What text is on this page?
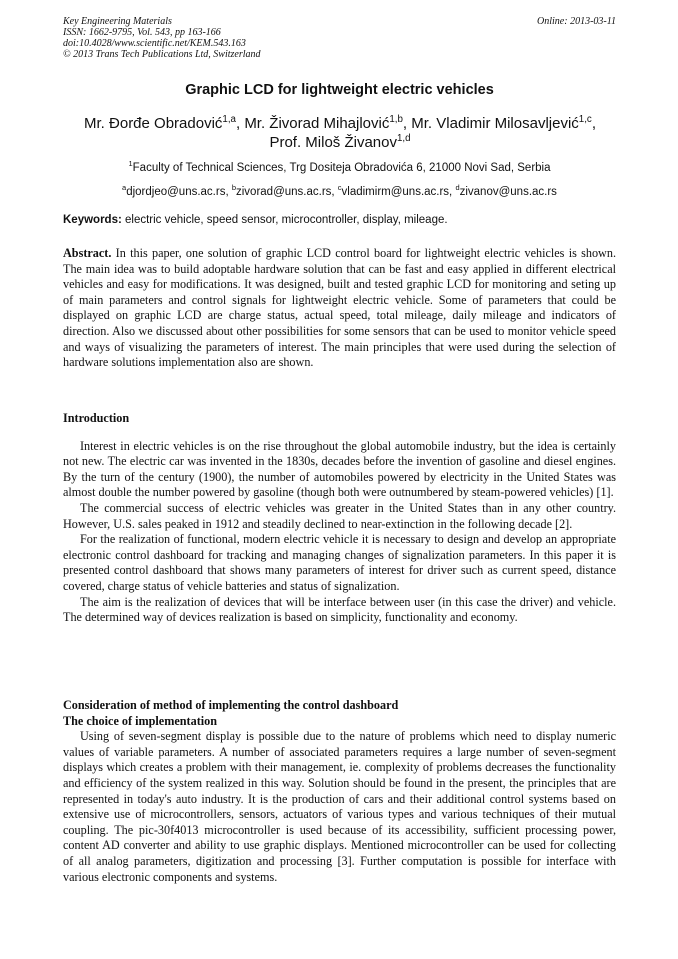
Key Engineering Materials
ISSN: 1662-9795, Vol. 543, pp 163-166
doi:10.4028/www.scientific.net/KEM.543.163
© 2013 Trans Tech Publications Ltd, Switzerland
Online: 2013-03-11
Graphic LCD for lightweight electric vehicles
Mr. Đorđe Obradović$^{1,a}$, Mr. Živorad Mihajlović$^{1,b}$, Mr. Vladimir Milosavljević$^{1,c}$,
Prof. Miloš Živanov$^{1,d}$
$^1$Faculty of Technical Sciences, Trg Dositeja Obradovića 6, 21000 Novi Sad, Serbia
$^a$djordjeo@uns.ac.rs, $^b$zivorad@uns.ac.rs, $^c$vladimirm@uns.ac.rs, $^d$zivanov@uns.ac.rs
Keywords: electric vehicle, speed sensor, microcontroller, display, mileage.

Abstract. In this paper, one solution of graphic LCD control board for lightweight electric vehicles is shown. The main idea was to build adoptable hardware solution that can be fast and easy applied in different electrical vehicles and easy for modifications. It was designed, built and tested graphic LCD for monitoring and seting up of main parameters and control signals for lightweight electric vehicle. Some of parameters that could be displayed on graphic LCD are charge status, actual speed, total mileage, daily mileage and indicators of direction. Also we discussed about other possibilities for some sensors that can be used to monitor vehicle speed and ways of visualizing the parameters of interest. The main principles that were used during the selection of hardware solutions implementation also are shown.

Introduction

Interest in electric vehicles is on the rise throughout the global automobile industry, but the idea is certainly not new. The electric car was invented in the 1830s, decades before the invention of gasoline and diesel engines. By the turn of the century (1900), the number of automobiles powered by electricity in the United States was almost double the number powered by gasoline (though both were outnumbered by steam-powered vehicles) [1].

The commercial success of electric vehicles was greater in the United States than in any other country. However, U.S. sales peaked in 1912 and steadily declined to near-extinction in the following decade [2].

For the realization of functional, modern electric vehicle it is necessary to design and develop an appropriate electronic control dashboard for tracking and managing changes of signalization parameters. In this paper it is presented control dashboard that shows many parameters of interest for driver such as current speed, distance covered, charge status of vehicle batteries and status of signalization.

The aim is the realization of devices that will be interface between user (in this case the driver) and vehicle. The determined way of devices realization is based on simplicity, functionality and economy.

Consideration of method of implementing the control dashboard

The choice of implementation

Using of seven-segment display is possible due to the nature of problems which need to display numeric values of variable parameters. A number of associated parameters requires a large number of seven-segment displays which creates a problem with their management, ie. complexity of problems decreases the functionality and efficiency of the system realized in this way. Solution should be found in the present, the principles that are represented in today's auto industry. It is the production of cars and their additional control systems based on extensive use of microcontrollers, sensors, actuators of various types and various techniques of their mutual coupling. The pic-30f4013 microcontroller is used because of its accessibility, sufficient processing power, content AD converter and ability to use graphic displays. Mentioned microcontroller can be used for collecting of all analog parameters, digitization and processing [3]. Further computation is possible for interface with various electronic components and systems.
